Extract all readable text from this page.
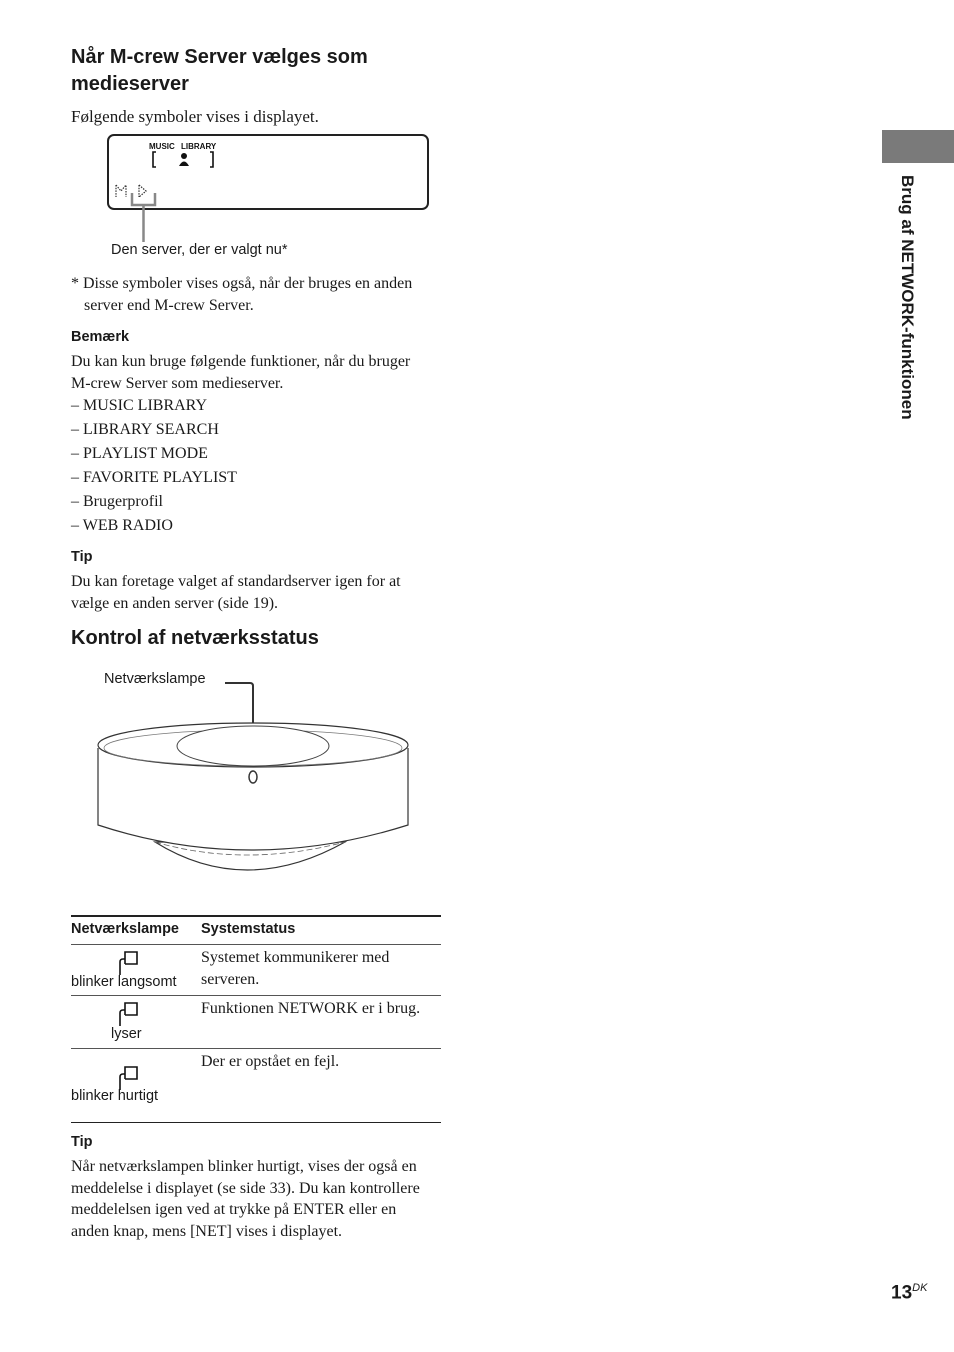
Når M-crew Server vælges som
medieserver
Følgende symboler vises i displayet.
MUSIC LIBRARY
Den server, der er valgt nu*
* Disse symboler vises også, når der bruges en anden
server end M-crew Server.
Bemærk
Du kan kun bruge følgende funktioner, når du bruger
M-crew Server som medieserver.
– MUSIC LIBRARY
– LIBRARY SEARCH
– PLAYLIST MODE
– FAVORITE PLAYLIST
– Brugerprofil
– WEB RADIO
Tip
Du kan foretage valget af standardserver igen for at
vælge en anden server (side 19).
Kontrol af netværksstatus
Netværkslampe
Netværkslampe Systemstatus
blinker langsomt
Systemet kommunikerer med
serveren.
lyser
Funktionen NETWORK er i brug.
blinker hurtigt
Der er opstået en fejl.
Tip
Når netværkslampen blinker hurtigt, vises der også en
meddelelse i displayet (se side 33). Du kan kontrollere
meddelelsen igen ved at trykke på ENTER eller en
anden knap, mens [NET] vises i displayet.
Brug af NETWORK-funktionen
$13^{DK}$
